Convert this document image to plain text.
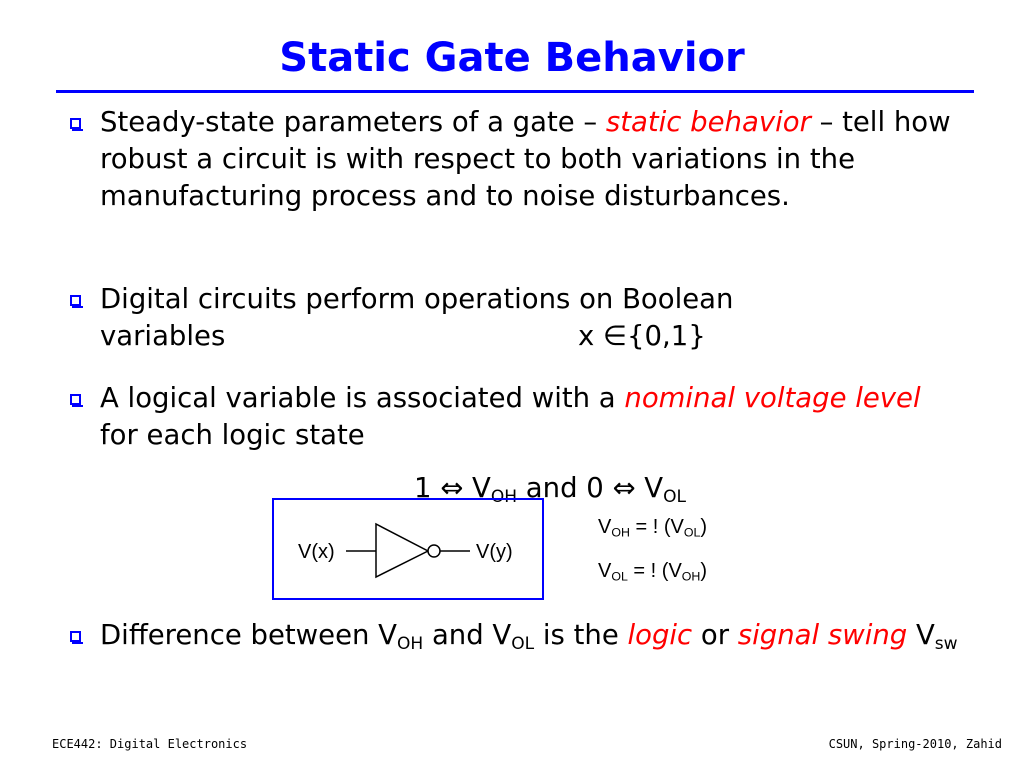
Static Gate Behavior
Steady-state parameters of a gate – static behavior – tell how robust a circuit is with respect to both variations in the manufacturing process and to noise disturbances.
Digital circuits perform operations on Boolean
variables	x ∈{0,1}
A logical variable is associated with a nominal voltage level for each logic state
1 ⇔ $V_{OH}$ and 0 ⇔ $V_{OL}$
V(x)	V(y)
$V_{OH}$ = ! $(V_{OL})$
$V_{OL}$ = ! $(V_{OH})$
Difference between $V_{OH}$ and $V_{OL}$ is the logic or signal swing $V_{sw}$
ECE442: Digital Electronics	CSUN, Spring-2010, Zahid
